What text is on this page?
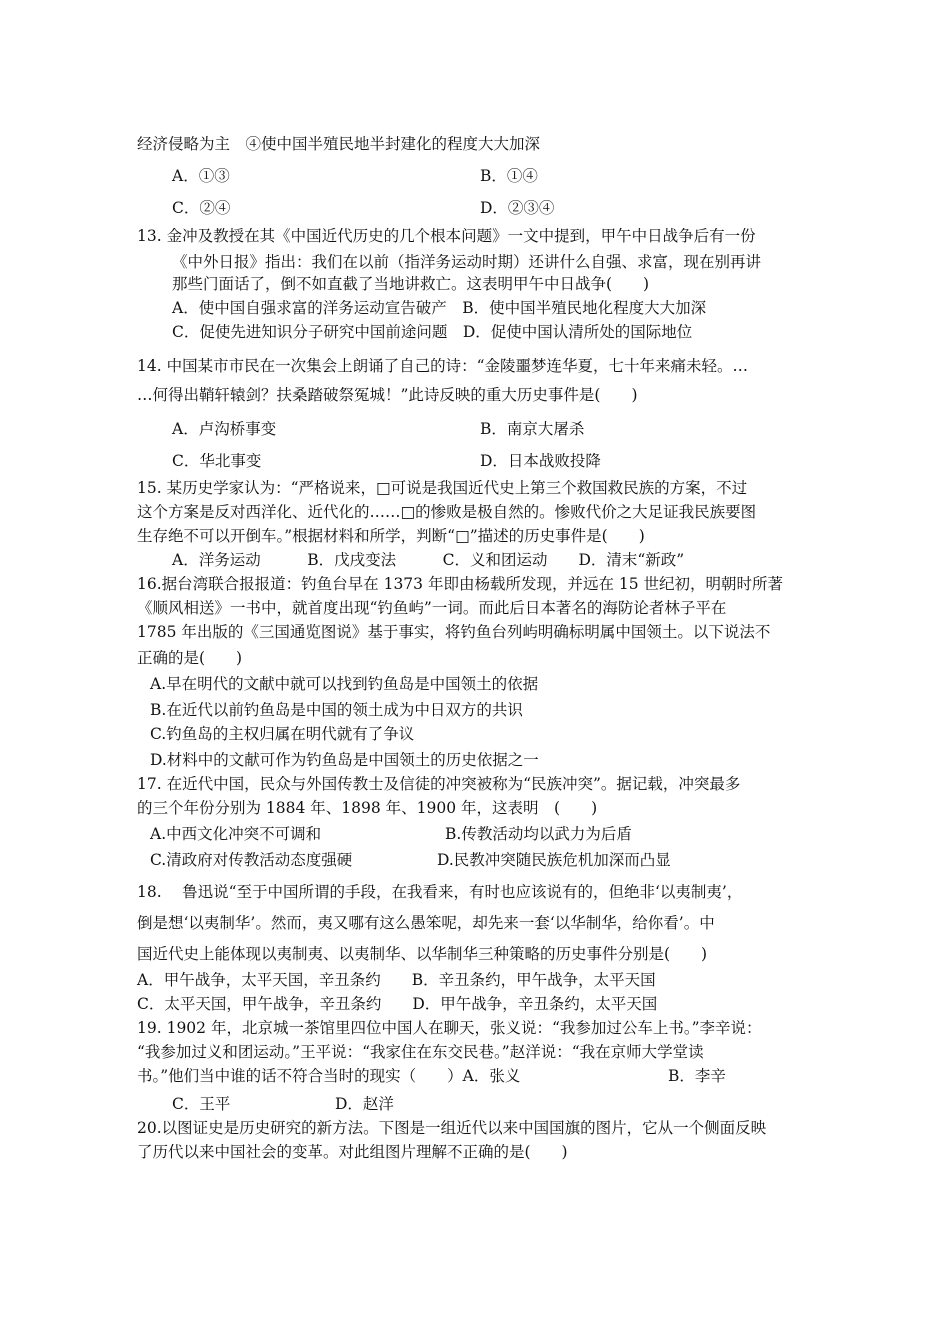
经济侵略为主　④使中国半殖民地半封建化的程度大大加深
A．①③	B．①④
C．②④	D．②③④
13. 金冲及教授在其《中国近代历史的几个根本问题》一文中提到，甲午中日战争后有一份
《中外日报》指出：我们在以前（指洋务运动时期）还讲什么自强、求富，现在别再讲
那些门面话了，倒不如直截了当地讲救亡。这表明甲午中日战争(　　)
A．使中国自强求富的洋务运动宣告破产　B．使中国半殖民地化程度大大加深
C．促使先进知识分子研究中国前途问题　D．促使中国认清所处的国际地位
14. 中国某市市民在一次集会上朗诵了自己的诗：“金陵噩梦连华夏，七十年来痛未轻。…
…何得出鞘轩辕剑？扶桑踏破祭冤城！”此诗反映的重大历史事件是(　　)
A．卢沟桥事变	B．南京大屠杀
C．华北事变	D．日本战败投降
15. 某历史学家认为：“严格说来，□可说是我国近代史上第三个救国救民族的方案，不过
这个方案是反对西洋化、近代化的……□的惨败是极自然的。惨败代价之大足证我民族要图
生存绝不可以开倒车。”根据材料和所学，判断“□”描述的历史事件是(　　)
A．洋务运动　　　B．戊戌变法　　　C．义和团运动　　D．清末“新政”
16.据台湾联合报报道：钓鱼台早在 1373 年即由杨载所发现，并远在 15 世纪初，明朝时所著
《顺风相送》一书中，就首度出现“钓鱼屿”一词。而此后日本著名的海防论者林子平在
1785 年出版的《三国通览图说》基于事实，将钓鱼台列屿明确标明属中国领土。以下说法不
正确的是(　　)
A.早在明代的文献中就可以找到钓鱼岛是中国领土的依据
B.在近代以前钓鱼岛是中国的领土成为中日双方的共识
C.钓鱼岛的主权归属在明代就有了争议
D.材料中的文献可作为钓鱼岛是中国领土的历史依据之一
17. 在近代中国，民众与外国传教士及信徒的冲突被称为“民族冲突”。据记载，冲突最多
的三个年份分别为 1884 年、1898 年、1900 年，这表明　(　　)
A.中西文化冲突不可调和	B.传教活动均以武力为后盾
C.清政府对传教活动态度强硬	D.民教冲突随民族危机加深而凸显
18.　 鲁迅说“至于中国所谓的手段，在我看来，有时也应该说有的，但绝非‘以夷制夷’，
倒是想‘以夷制华’。然而，夷又哪有这么愚笨呢，却先来一套‘以华制华，给你看’。中
国近代史上能体现以夷制夷、以夷制华、以华制华三种策略的历史事件分别是(　　)
A．甲午战争，太平天国，辛丑条约　　B．辛丑条约，甲午战争，太平天国
C．太平天国，甲午战争，辛丑条约　　D．甲午战争，辛丑条约，太平天国
19. 1902 年，北京城一茶馆里四位中国人在聊天，张义说：“我参加过公车上书。”李辛说：
“我参加过义和团运动。”王平说：“我家住在东交民巷。”赵洋说：“我在京师大学堂读
书。”他们当中谁的话不符合当时的现实（　　）A．张义	B．李辛
C．王平	D．赵洋
20.以图证史是历史研究的新方法。下图是一组近代以来中国国旗的图片，它从一个侧面反映
了历代以来中国社会的变革。对此组图片理解不正确的是(　　)
